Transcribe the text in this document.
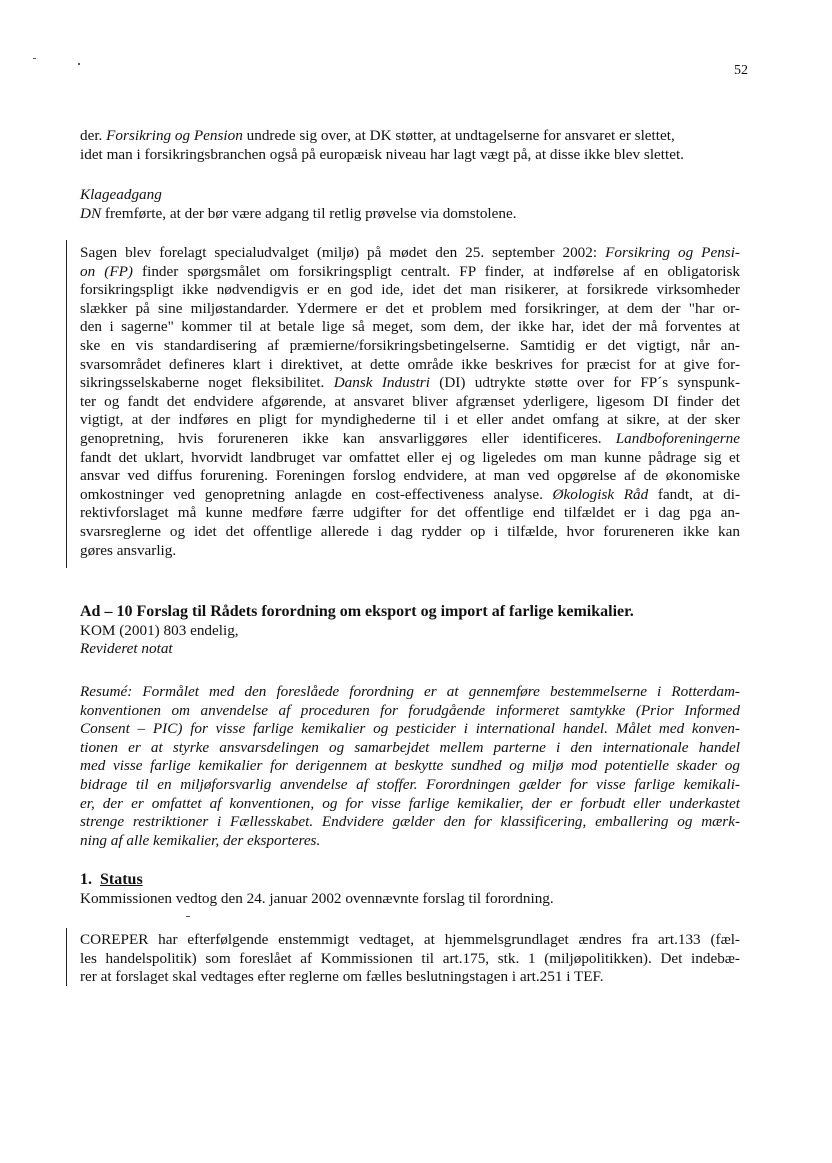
52
der. Forsikring og Pension undrede sig over, at DK støtter, at undtagelserne for ansvaret er slettet,
idet man i forsikringsbranchen også på europæisk niveau har lagt vægt på, at disse ikke blev slettet.
Klageadgang
DN fremførte, at der bør være adgang til retlig prøvelse via domstolene.
Sagen blev forelagt specialudvalget (miljø) på mødet den 25. september 2002: Forsikring og Pensi-
on (FP) finder spørgsmålet om forsikringspligt centralt. FP finder, at indførelse af en obligatorisk
forsikringspligt ikke nødvendigvis er en god ide, idet det man risikerer, at forsikrede virksomheder
slækker på sine miljøstandarder. Ydermere er det et problem med forsikringer, at dem der "har or-
den i sagerne" kommer til at betale lige så meget, som dem, der ikke har, idet der må forventes at
ske en vis standardisering af præmierne/forsikringsbetingelserne. Samtidig er det vigtigt, når an-
svarsområdet defineres klart i direktivet, at dette område ikke beskrives for præcist for at give for-
sikringsselskaberne noget fleksibilitet. Dansk Industri (DI) udtrykte støtte over for FP´s synspunk-
ter og fandt det endvidere afgørende, at ansvaret bliver afgrænset yderligere, ligesom DI finder det
vigtigt, at der indføres en pligt for myndighederne til i et eller andet omfang at sikre, at der sker
genopretning, hvis forureneren ikke kan ansvarliggøres eller identificeres. Landboforeningerne
fandt det uklart, hvorvidt landbruget var omfattet eller ej og ligeledes om man kunne pådrage sig et
ansvar ved diffus forurening. Foreningen forslog endvidere, at man ved opgørelse af de økonomiske
omkostninger ved genopretning anlagde en cost-effectiveness analyse. Økologisk Råd fandt, at di-
rektivforslaget må kunne medføre færre udgifter for det offentlige end tilfældet er i dag pga an-
svarsreglerne og idet det offentlige allerede i dag rydder op i tilfælde, hvor forureneren ikke kan
gøres ansvarlig.
Ad – 10 Forslag til Rådets forordning om eksport og import af farlige kemikalier.
KOM (2001) 803 endelig,
Revideret notat
Resumé: Formålet med den foreslåede forordning er at gennemføre bestemmelserne i Rotterdam-
konventionen om anvendelse af proceduren for forudgående informeret samtykke (Prior Informed
Consent – PIC) for visse farlige kemikalier og pesticider i international handel. Målet med konven-
tionen er at styrke ansvarsdelingen og samarbejdet mellem parterne i den internationale handel
med visse farlige kemikalier for derigennem at beskytte sundhed og miljø mod potentielle skader og
bidrage til en miljøforsvarlig anvendelse af stoffer. Forordningen gælder for visse farlige kemikali-
er, der er omfattet af konventionen, og for visse farlige kemikalier, der er forbudt eller underkastet
strenge restriktioner i Fællesskabet. Endvidere gælder den for klassificering, emballering og mærk-
ning af alle kemikalier, der eksporteres.
1. Status
Kommissionen vedtog den 24. januar 2002 ovennævnte forslag til forordning.
COREPER har efterfølgende enstemmigt vedtaget, at hjemmelsgrundlaget ændres fra art.133 (fæl-
les handelspolitik) som foreslået af Kommissionen til art.175, stk. 1 (miljøpolitikken). Det indebæ-
rer at forslaget skal vedtages efter reglerne om fælles beslutningstagen i art.251 i TEF.
